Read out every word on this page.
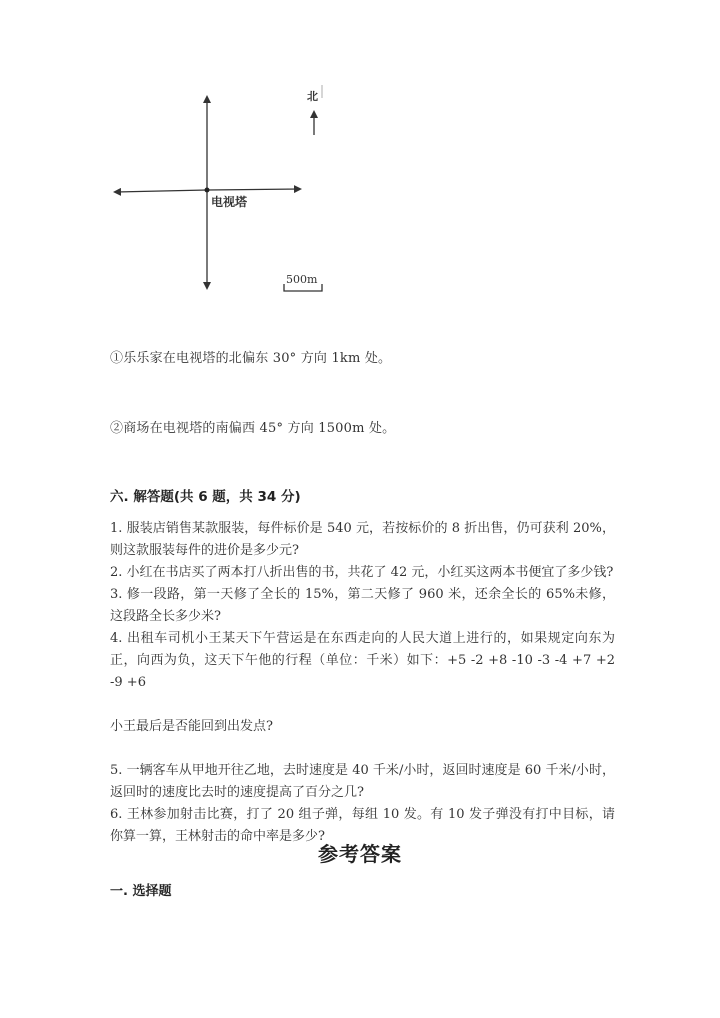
电视塔
北
500m
①乐乐家在电视塔的北偏东 30° 方向 1km 处。
②商场在电视塔的南偏西 45° 方向 1500m 处。
六. 解答题(共 6 题，共 34 分)

1. 服装店销售某款服装，每件标价是 540 元，若按标价的 8 折出售，仍可获利 20%，则这款服装每件的进价是多少元?

2. 小红在书店买了两本打八折出售的书，共花了 42 元，小红买这两本书便宜了多少钱?

3. 修一段路，第一天修了全长的 15%，第二天修了 960 米，还余全长的 65%未修，这段路全长多少米?

4. 出租车司机小王某天下午营运是在东西走向的人民大道上进行的，如果规定向东为正，向西为负，这天下午他的行程（单位：千米）如下：+5 -2 +8 -10 -3 -4 +7 +2 -9 +6

小王最后是否能回到出发点?

5. 一辆客车从甲地开往乙地，去时速度是 40 千米/小时，返回时速度是 60 千米/小时，返回时的速度比去时的速度提高了百分之几?

6. 王林参加射击比赛，打了 20 组子弹，每组 10 发。有 10 发子弹没有打中目标，请你算一算，王林射击的命中率是多少?

参考答案
一. 选择题
